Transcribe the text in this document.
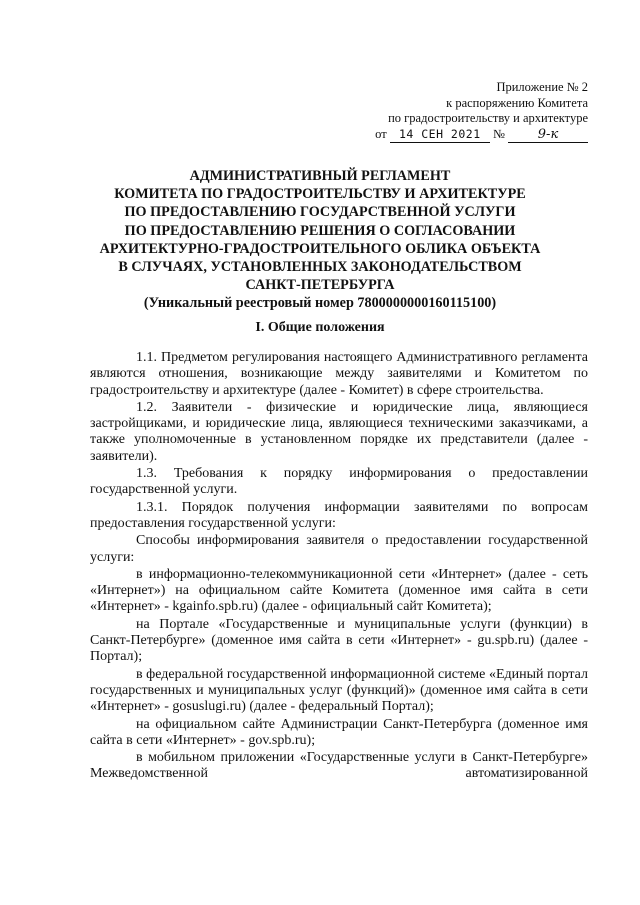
Приложение № 2
к распоряжению Комитета
по градостроительству и архитектуре
от 14 СЕН 2021 №	9-к
АДМИНИСТРАТИВНЫЙ РЕГЛАМЕНТ
КОМИТЕТА ПО ГРАДОСТРОИТЕЛЬСТВУ И АРХИТЕКТУРЕ
ПО ПРЕДОСТАВЛЕНИЮ ГОСУДАРСТВЕННОЙ УСЛУГИ
ПО ПРЕДОСТАВЛЕНИЮ РЕШЕНИЯ О СОГЛАСОВАНИИ
АРХИТЕКТУРНО-ГРАДОСТРОИТЕЛЬНОГО ОБЛИКА ОБЪЕКТА
В СЛУЧАЯХ, УСТАНОВЛЕННЫХ ЗАКОНОДАТЕЛЬСТВОМ
САНКТ-ПЕТЕРБУРГА
(Уникальный реестровый номер 7800000000160115100)
I. Общие положения

1.1. Предметом регулирования настоящего Административного регламента являются отношения, возникающие между заявителями и Комитетом по градостроительству и архитектуре (далее - Комитет) в сфере строительства.

1.2. Заявители - физические и юридические лица, являющиеся застройщиками, и юридические лица, являющиеся техническими заказчиками, а также уполномоченные в установленном порядке их представители (далее - заявители).

1.3. Требования к порядку информирования о предоставлении государственной услуги.

1.3.1. Порядок получения информации заявителями по вопросам предоставления государственной услуги:

Способы информирования заявителя о предоставлении государственной услуги:

в информационно-телекоммуникационной сети «Интернет» (далее - сеть «Интернет») на официальном сайте Комитета (доменное имя сайта в сети «Интернет» - kgainfo.spb.ru) (далее - официальный сайт Комитета);

на Портале «Государственные и муниципальные услуги (функции) в Санкт-Петербурге» (доменное имя сайта в сети «Интернет» - gu.spb.ru) (далее - Портал);

в федеральной государственной информационной системе «Единый портал государственных и муниципальных услуг (функций)» (доменное имя сайта в сети «Интернет» - gosuslugi.ru) (далее - федеральный Портал);

на официальном сайте Администрации Санкт-Петербурга (доменное имя сайта в сети «Интернет» - gov.spb.ru);

в мобильном приложении «Государственные услуги в Санкт-Петербурге» Межведомственной автоматизированной
